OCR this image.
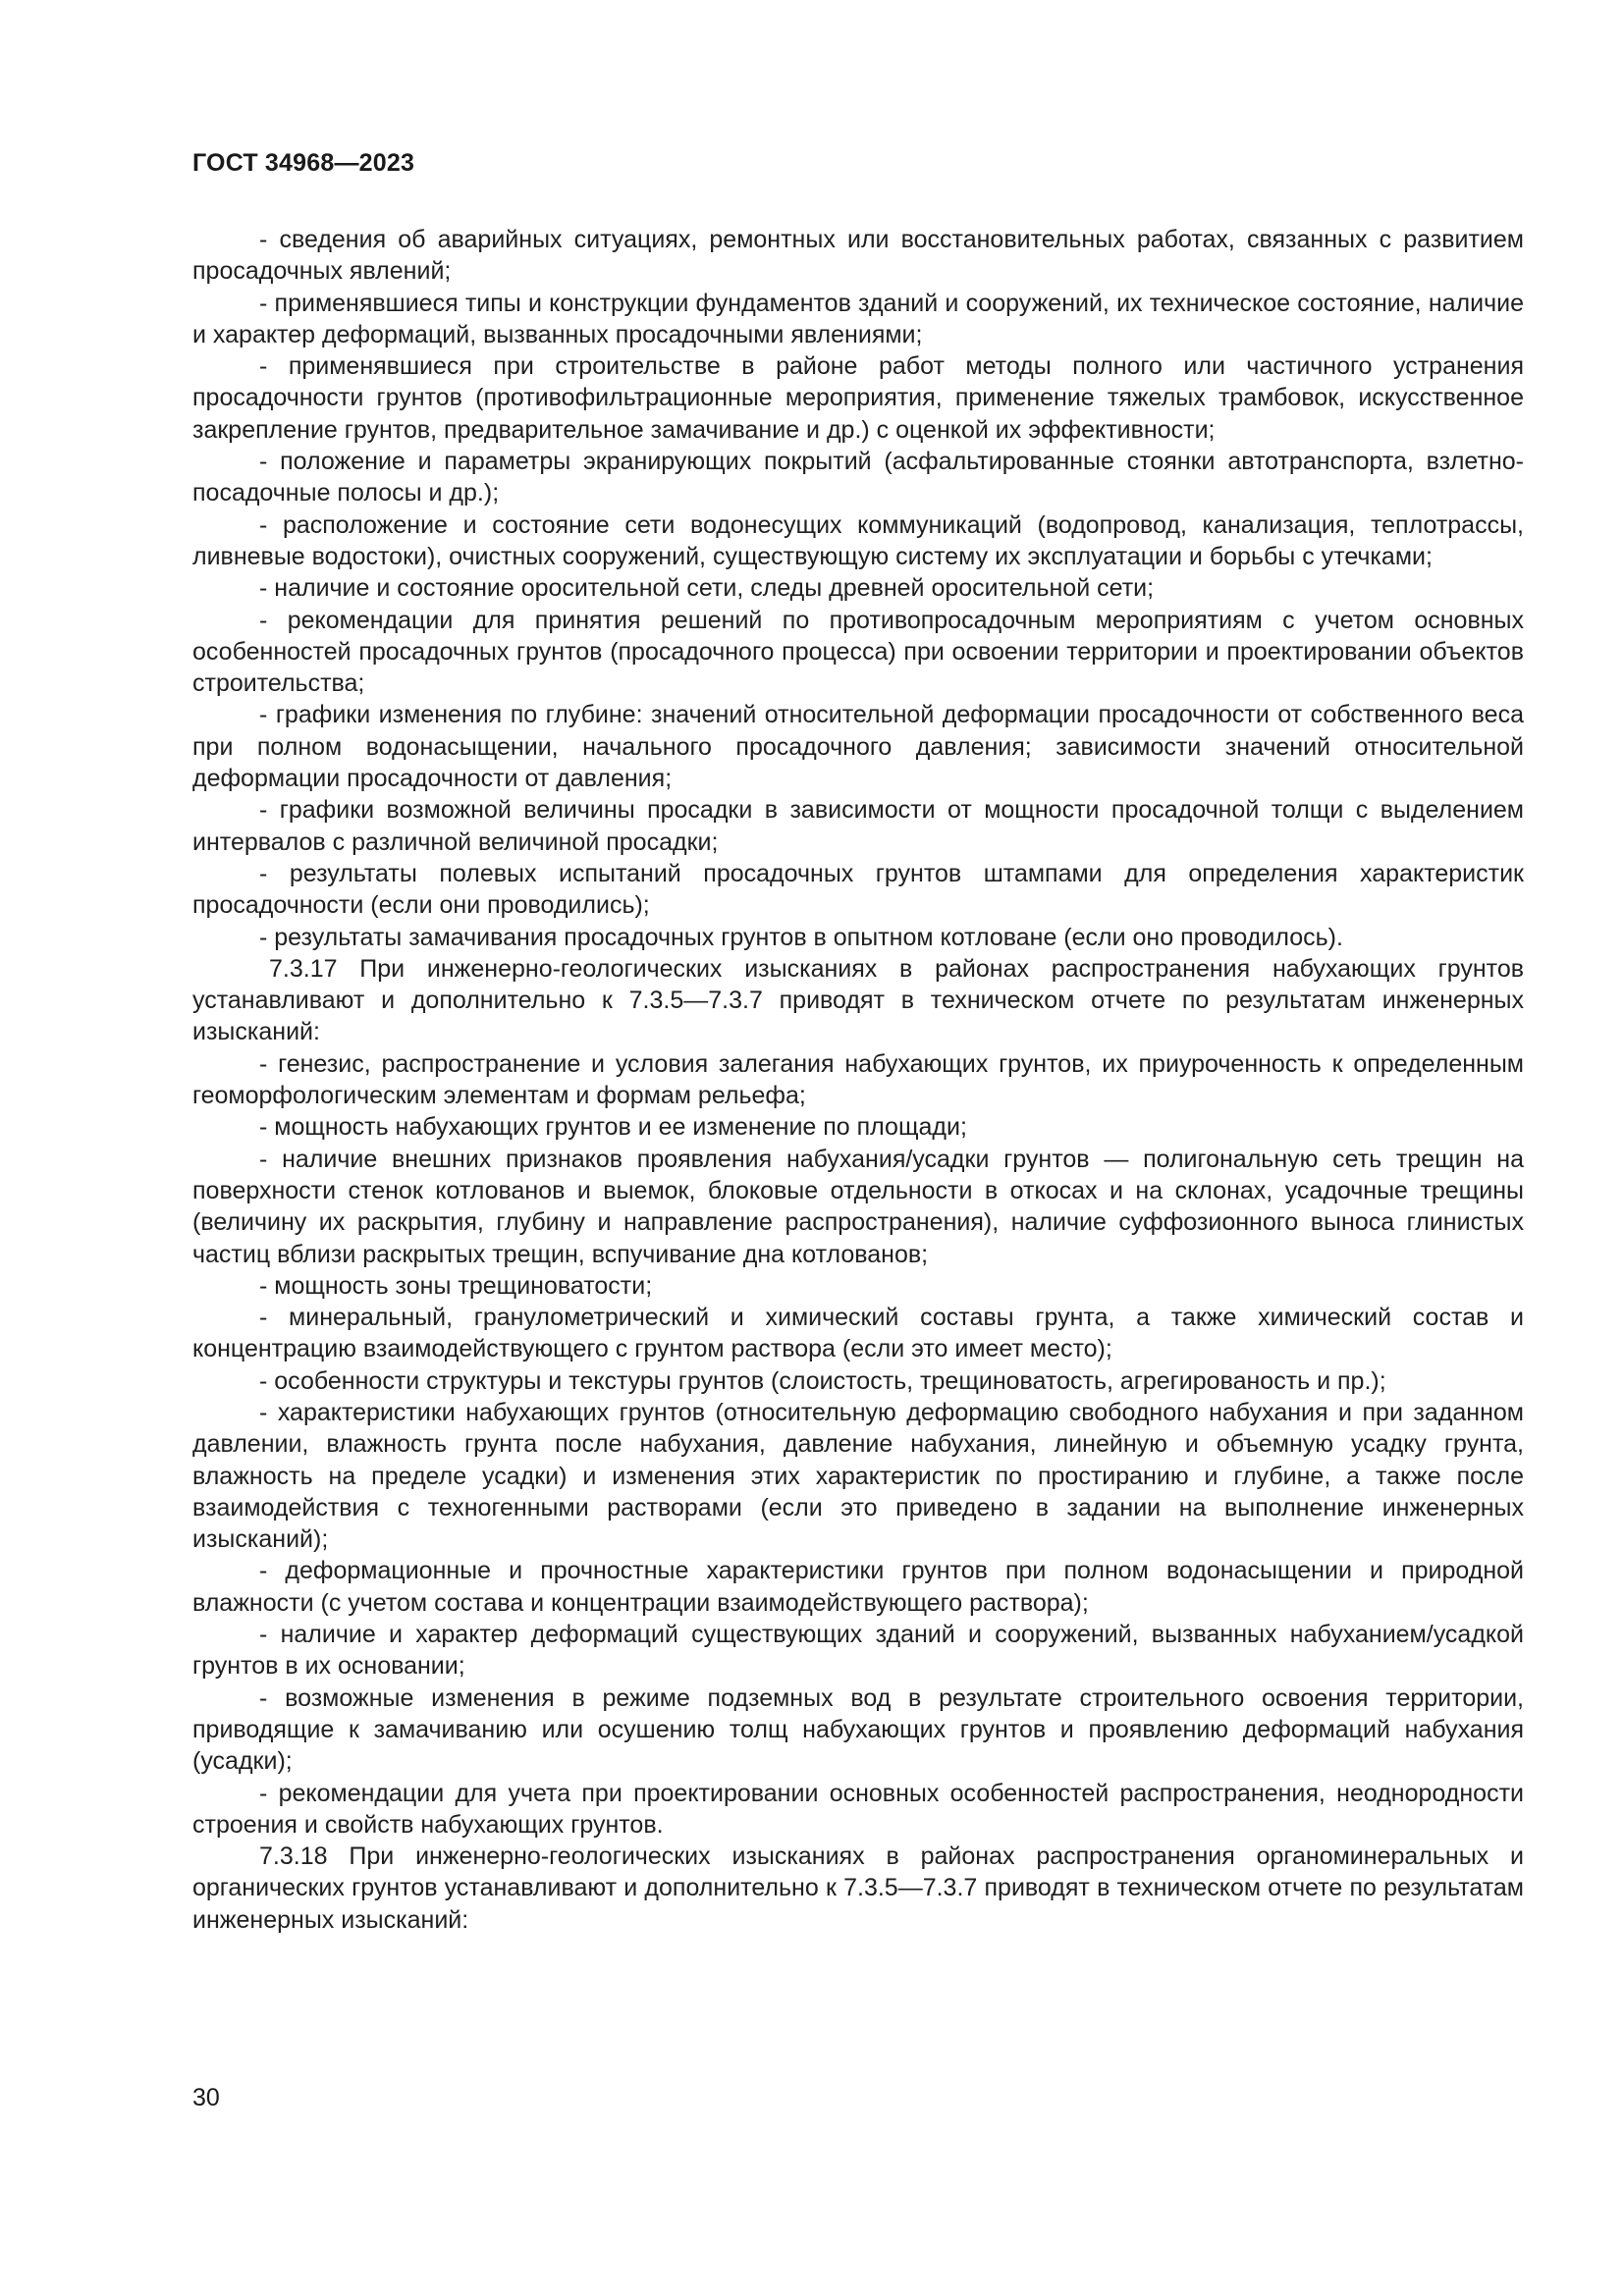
ГОСТ 34968—2023

- сведения об аварийных ситуациях, ремонтных или восстановительных работах, связанных с развитием просадочных явлений;

- применявшиеся типы и конструкции фундаментов зданий и сооружений, их техническое состояние, наличие и характер деформаций, вызванных просадочными явлениями;

- применявшиеся при строительстве в районе работ методы полного или частичного устранения просадочности грунтов (противофильтрационные мероприятия, применение тяжелых трамбовок, искусственное закрепление грунтов, предварительное замачивание и др.) с оценкой их эффективности;

- положение и параметры экранирующих покрытий (асфальтированные стоянки автотранспорта, взлетно-посадочные полосы и др.);

- расположение и состояние сети водонесущих коммуникаций (водопровод, канализация, теплотрассы, ливневые водостоки), очистных сооружений, существующую систему их эксплуатации и борьбы с утечками;

- наличие и состояние оросительной сети, следы древней оросительной сети;

- рекомендации для принятия решений по противопросадочным мероприятиям с учетом основных особенностей просадочных грунтов (просадочного процесса) при освоении территории и проектировании объектов строительства;

- графики изменения по глубине: значений относительной деформации просадочности от собственного веса при полном водонасыщении, начального просадочного давления; зависимости значений относительной деформации просадочности от давления;

- графики возможной величины просадки в зависимости от мощности просадочной толщи с выделением интервалов с различной величиной просадки;

- результаты полевых испытаний просадочных грунтов штампами для определения характеристик просадочности (если они проводились);

- результаты замачивания просадочных грунтов в опытном котловане (если оно проводилось).

7.3.17 При инженерно-геологических изысканиях в районах распространения набухающих грунтов устанавливают и дополнительно к 7.3.5—7.3.7 приводят в техническом отчете по результатам инженерных изысканий:

- генезис, распространение и условия залегания набухающих грунтов, их приуроченность к определенным геоморфологическим элементам и формам рельефа;

- мощность набухающих грунтов и ее изменение по площади;

- наличие внешних признаков проявления набухания/усадки грунтов — полигональную сеть трещин на поверхности стенок котлованов и выемок, блоковые отдельности в откосах и на склонах, усадочные трещины (величину их раскрытия, глубину и направление распространения), наличие суффозионного выноса глинистых частиц вблизи раскрытых трещин, вспучивание дна котлованов;

- мощность зоны трещиноватости;

- минеральный, гранулометрический и химический составы грунта, а также химический состав и концентрацию взаимодействующего с грунтом раствора (если это имеет место);

- особенности структуры и текстуры грунтов (слоистость, трещиноватость, агрегированость и пр.);

- характеристики набухающих грунтов (относительную деформацию свободного набухания и при заданном давлении, влажность грунта после набухания, давление набухания, линейную и объемную усадку грунта, влажность на пределе усадки) и изменения этих характеристик по простиранию и глубине, а также после взаимодействия с техногенными растворами (если это приведено в задании на выполнение инженерных изысканий);

- деформационные и прочностные характеристики грунтов при полном водонасыщении и природной влажности (с учетом состава и концентрации взаимодействующего раствора);

- наличие и характер деформаций существующих зданий и сооружений, вызванных набуханием/усадкой грунтов в их основании;

- возможные изменения в режиме подземных вод в результате строительного освоения территории, приводящие к замачиванию или осушению толщ набухающих грунтов и проявлению деформаций набухания (усадки);

- рекомендации для учета при проектировании основных особенностей распространения, неоднородности строения и свойств набухающих грунтов.

7.3.18 При инженерно-геологических изысканиях в районах распространения органоминеральных и органических грунтов устанавливают и дополнительно к 7.3.5—7.3.7 приводят в техническом отчете по результатам инженерных изысканий:

30
